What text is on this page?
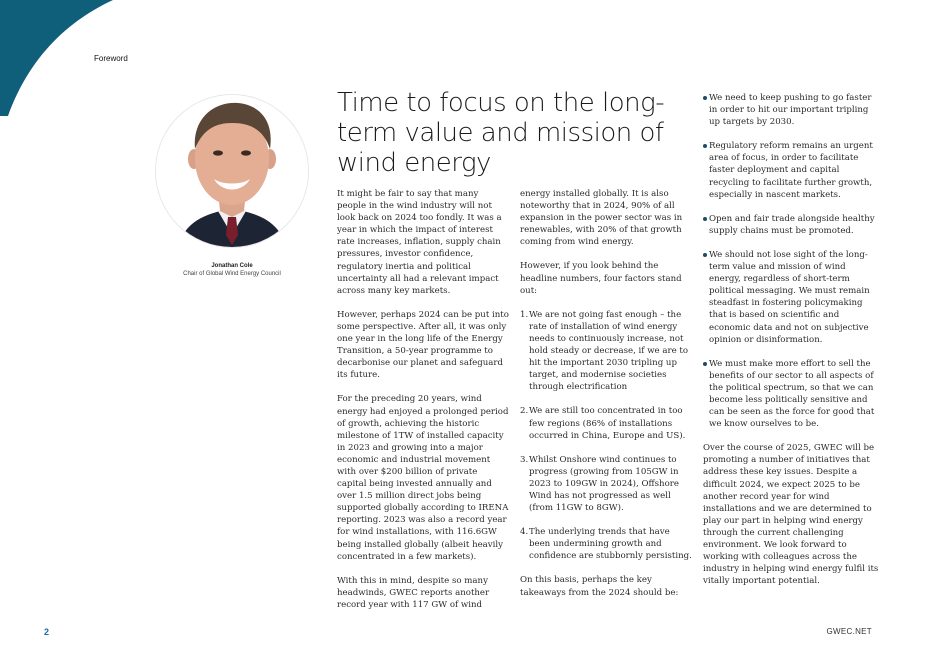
Foreword
Jonathan Cole
Chair of Global Wind Energy Council
Time to focus on the long-term value and mission of wind energy

It might be fair to say that many people in the wind industry will not look back on 2024 too fondly. It was a year in which the impact of interest rate increases, inflation, supply chain pressures, investor confidence, regulatory inertia and political uncertainty all had a relevant impact across many key markets.

However, perhaps 2024 can be put into some perspective. After all, it was only one year in the long life of the Energy Transition, a 50-year programme to decarbonise our planet and safeguard its future.

For the preceding 20 years, wind energy had enjoyed a prolonged period of growth, achieving the historic milestone of 1TW of installed capacity in 2023 and growing into a major economic and industrial movement with over $200 billion of private capital being invested annually and over 1.5 million direct jobs being supported globally according to IRENA reporting. 2023 was also a record year for wind installations, with 116.6GW being installed globally (albeit heavily concentrated in a few markets).

With this in mind, despite so many headwinds, GWEC reports another record year with 117 GW of wind

energy installed globally. It is also noteworthy that in 2024, 90% of all expansion in the power sector was in renewables, with 20% of that growth coming from wind energy.

However, if you look behind the headline numbers, four factors stand out:

1. We are not going fast enough – the rate of installation of wind energy needs to continuously increase, not hold steady or decrease, if we are to hit the important 2030 tripling up target, and modernise societies through electrification
2. We are still too concentrated in too few regions (86% of installations occurred in China, Europe and US).
3. Whilst Onshore wind continues to progress (growing from 105GW in 2023 to 109GW in 2024), Offshore Wind has not progressed as well (from 11GW to 8GW).
4. The underlying trends that have been undermining growth and confidence are stubbornly persisting.

On this basis, perhaps the key takeaways from the 2024 should be:

We need to keep pushing to go faster in order to hit our important tripling up targets by 2030.
Regulatory reform remains an urgent area of focus, in order to facilitate faster deployment and capital recycling to facilitate further growth, especially in nascent markets.
Open and fair trade alongside healthy supply chains must be promoted.
We should not lose sight of the long-term value and mission of wind energy, regardless of short-term political messaging. We must remain steadfast in fostering policymaking that is based on scientific and economic data and not on subjective opinion or disinformation.
We must make more effort to sell the benefits of our sector to all aspects of the political spectrum, so that we can become less politically sensitive and can be seen as the force for good that we know ourselves to be.

Over the course of 2025, GWEC will be promoting a number of initiatives that address these key issues. Despite a difficult 2024, we expect 2025 to be another record year for wind installations and we are determined to play our part in helping wind energy through the current challenging environment. We look forward to working with colleagues across the industry in helping wind energy fulfil its vitally important potential.

2	GWEC.NET
